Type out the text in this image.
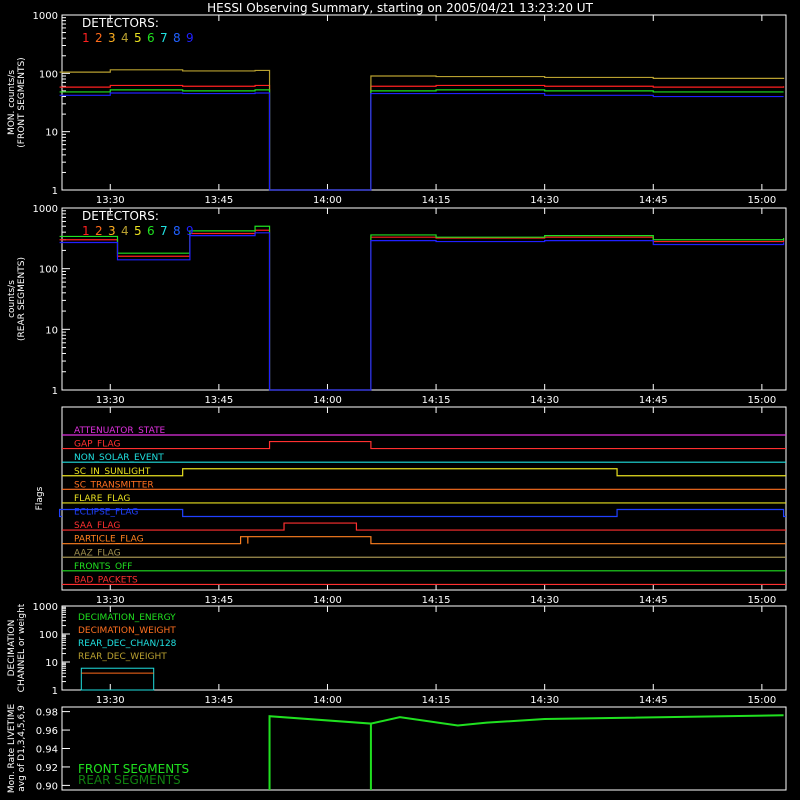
HESSI Observing Summary, starting on 2005/04/21 13:23:20 UT
13:30	13:45	14:00	14:15	14:30	14:45	15:00
1
10
100
1000
MON. counts/s (FRONT SEGMENTS)
DETECTORS:
1 2 3 4 5 6 7 8 9
13:30	13:45	14:00	14:15	14:30	14:45	15:00
1
10
100
1000
counts/s (REAR SEGMENTS)
DETECTORS:
1 2 3 4 5 6 7 8 9
13:30	13:45	14:00	14:15	14:30	14:45	15:00
Flags
ATTENUATOR_STATE
GAP_FLAG
NON_SOLAR_EVENT
SC_IN_SUNLIGHT
SC_TRANSMITTER
FLARE_FLAG
ECLIPSE_FLAG
SAA_FLAG
PARTICLE_FLAG
AAZ_FLAG
FRONTS_OFF
BAD_PACKETS
13:30	13:45	14:00	14:15	14:30	14:45	15:00
1
10
100
1000
DECIMATION CHANNEL or weight	DECIMATION_ENERGY
DECIMATION_WEIGHT
REAR_DEC_CHAN/128
REAR_DEC_WEIGHT
0.90
0.92
0.94
0.96
0.98
Mon. Rate LIVETIME avg of D1,3,4,5,6,9	FRONT SEGMENTS
REAR SEGMENTS
